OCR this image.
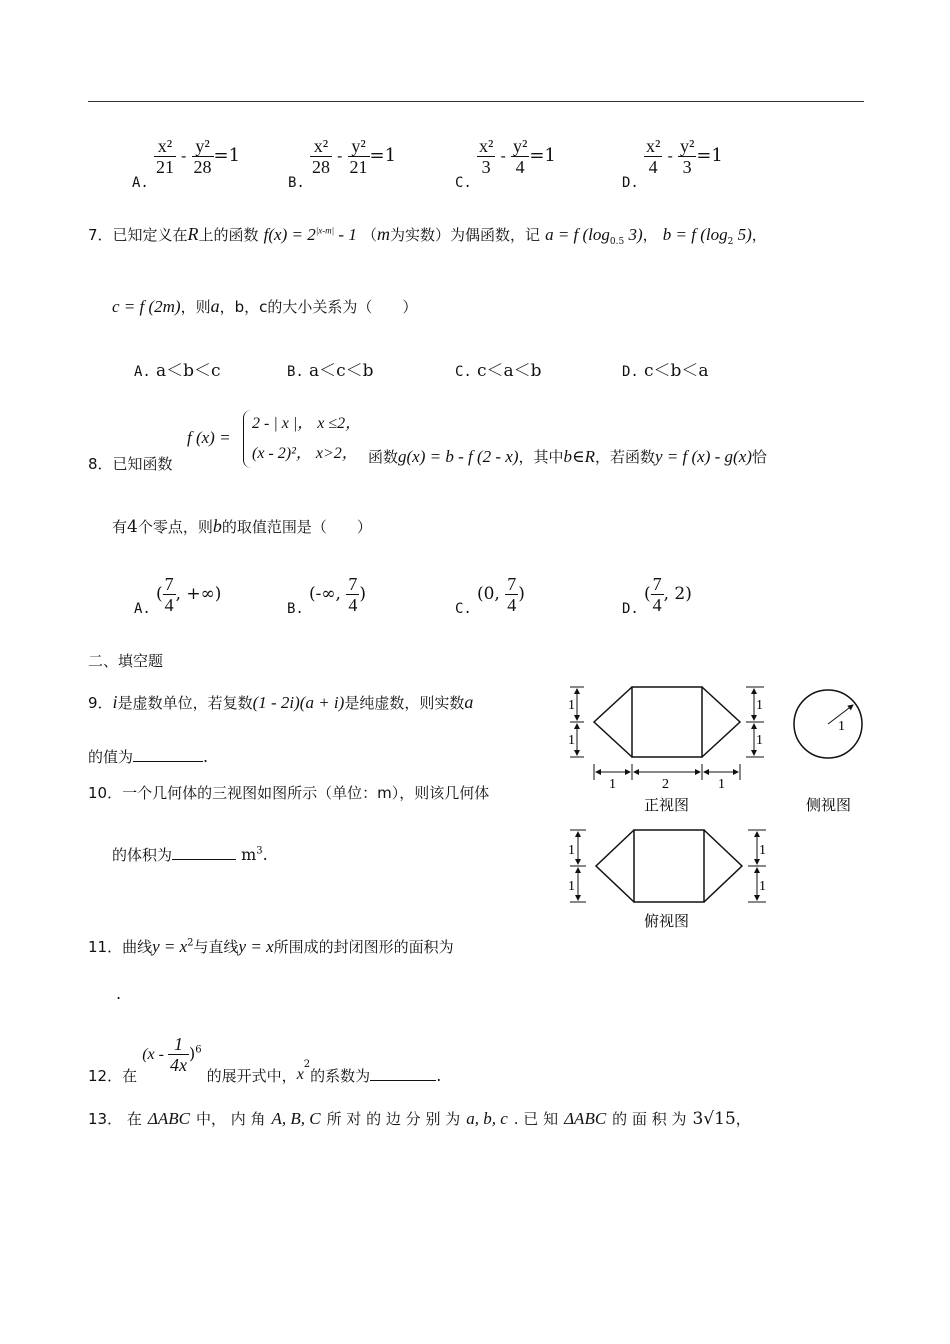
A.
$\frac{\text{x²}}{21} - \frac{\text{y²}}{28} =1$
B.
$\frac{\text{x²}}{28} - \frac{\text{y²}}{21} =1$
C.
$\frac{\text{x²}}{3} - \frac{\text{y²}}{4} =1$
D.
$\frac{\text{x²}}{4} - \frac{\text{y²}}{3} =1$
7．已知定义在R上的函数 $f(x) = 2^{|x-m|} - 1$ （m为实数）为偶函数，记 a = f ($\log_{0.5}$ 3)， b = f ($\log_2$ 5)，
c = f (2m)，则a，b，c的大小关系为（　　）
A. a＜b＜c	B. a＜c＜b	C. c＜a＜b	D. c＜b＜a
f (x) =
2 - | x |， x ≤2，
(x - 2)²， x>2，
8．已知函数	函数g(x) = b - f (2 - x)，其中b∈R，若函数y = f (x) - g(x)恰
有4个零点，则b的取值范围是（　　）
A. ( $\frac{7}{4}$ , +∞)
B. (-∞, $\frac{7}{4}$ )
C. (0, $\frac{7}{4}$ )
D. ( $\frac{7}{4}$ , 2)
二、填空题
9．i是虚数单位，若复数(1 - 2i)(a + i)是纯虚数，则实数a
的值为	.
10．一个几何体的三视图如图所示（单位：m），则该几何体
的体积为	$m^3$.
1
1
1
1
1	2	1
正视图
1
侧视图
1
1
1
1
俯视图
11．曲线$y = x^2$与直线y = x所围成的封闭图形的面积为
.
12．在 $(x - \frac{1}{4x} )^6$ 的展开式中，$x^2$的系数为	.
13． 在 ΔABC 中， 内 角 A, B, C 所 对 的 边 分 别 为 a, b, c . 已 知 ΔABC 的 面 积 为 3√15，
